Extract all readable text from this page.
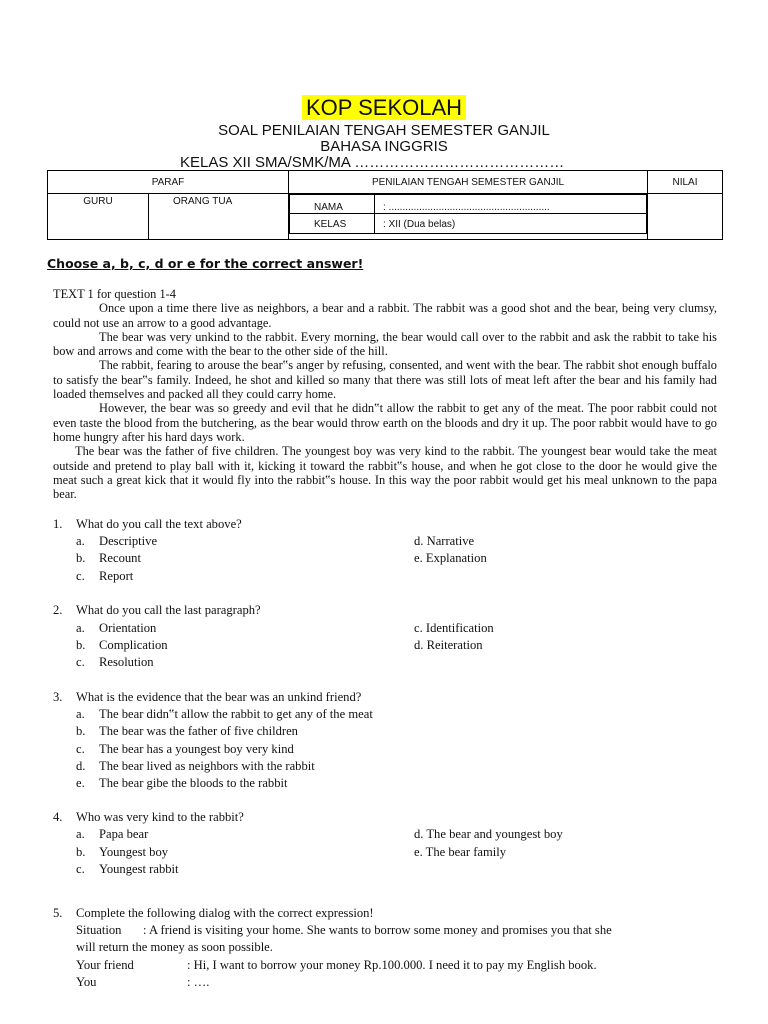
KOP SEKOLAH
SOAL PENILAIAN TENGAH SEMESTER GANJIL
BAHASA INGGRIS
KELAS XII SMA/SMK/MA ……………………………………
PARAF	PENILAIAN TENGAH SEMESTER GANJIL	NILAI
GURU	ORANG TUA	
NAMA	: ..........................................................
KELAS	: XII (Dua belas)

Choose a, b, c, d or e for the correct answer!

TEXT 1 for question 1-4

Once upon a time there live as neighbors, a bear and a rabbit. The rabbit was a good shot and the bear, being very clumsy, could not use an arrow to a good advantage.

The bear was very unkind to the rabbit. Every morning, the bear would call over to the rabbit and ask the rabbit to take his bow and arrows and come with the bear to the other side of the hill.

The rabbit, fearing to arouse the bear‟s anger by refusing, consented, and went with the bear. The rabbit shot enough buffalo to satisfy the bear‟s family. Indeed, he shot and killed so many that there was still lots of meat left after the bear and his family had loaded themselves and packed all they could carry home.

However, the bear was so greedy and evil that he didn‟t allow the rabbit to get any of the meat. The poor rabbit could not even taste the blood from the butchering, as the bear would throw earth on the bloods and dry it up. The poor rabbit would have to go home hungry after his hard days work.

The bear was the father of five children. The youngest boy was very kind to the rabbit. The youngest bear would take the meat outside and pretend to play ball with it, kicking it toward the rabbit‟s house, and when he got close to the door he would give the meat such a great kick that it would fly into the rabbit‟s house. In this way the poor rabbit would get his meal unknown to the papa bear.

1. What do you call the text above?
a. Descriptive
b. Recount
c. Report
d. Narrative
e. Explanation
2. What do you call the last paragraph?
a. Orientation
b. Complication
c. Resolution
c. Identification
d. Reiteration
3. What is the evidence that the bear was an unkind friend?
a. The bear didn‟t allow the rabbit to get any of the meat
b. The bear was the father of five children
c. The bear has a youngest boy very kind
d. The bear lived as neighbors with the rabbit
e. The bear gibe the bloods to the rabbit
4. Who was very kind to the rabbit?
a. Papa bear
b. Youngest boy
c. Youngest rabbit
d. The bear and youngest boy
e. The bear family
5. Complete the following dialog with the correct expression!
Situation : A friend is visiting your home. She wants to borrow some money and promises you that she
will return the money as soon possible.
Your friend	: Hi, I want to borrow your money Rp.100.000. I need it to pay my English book.
You	: ….
